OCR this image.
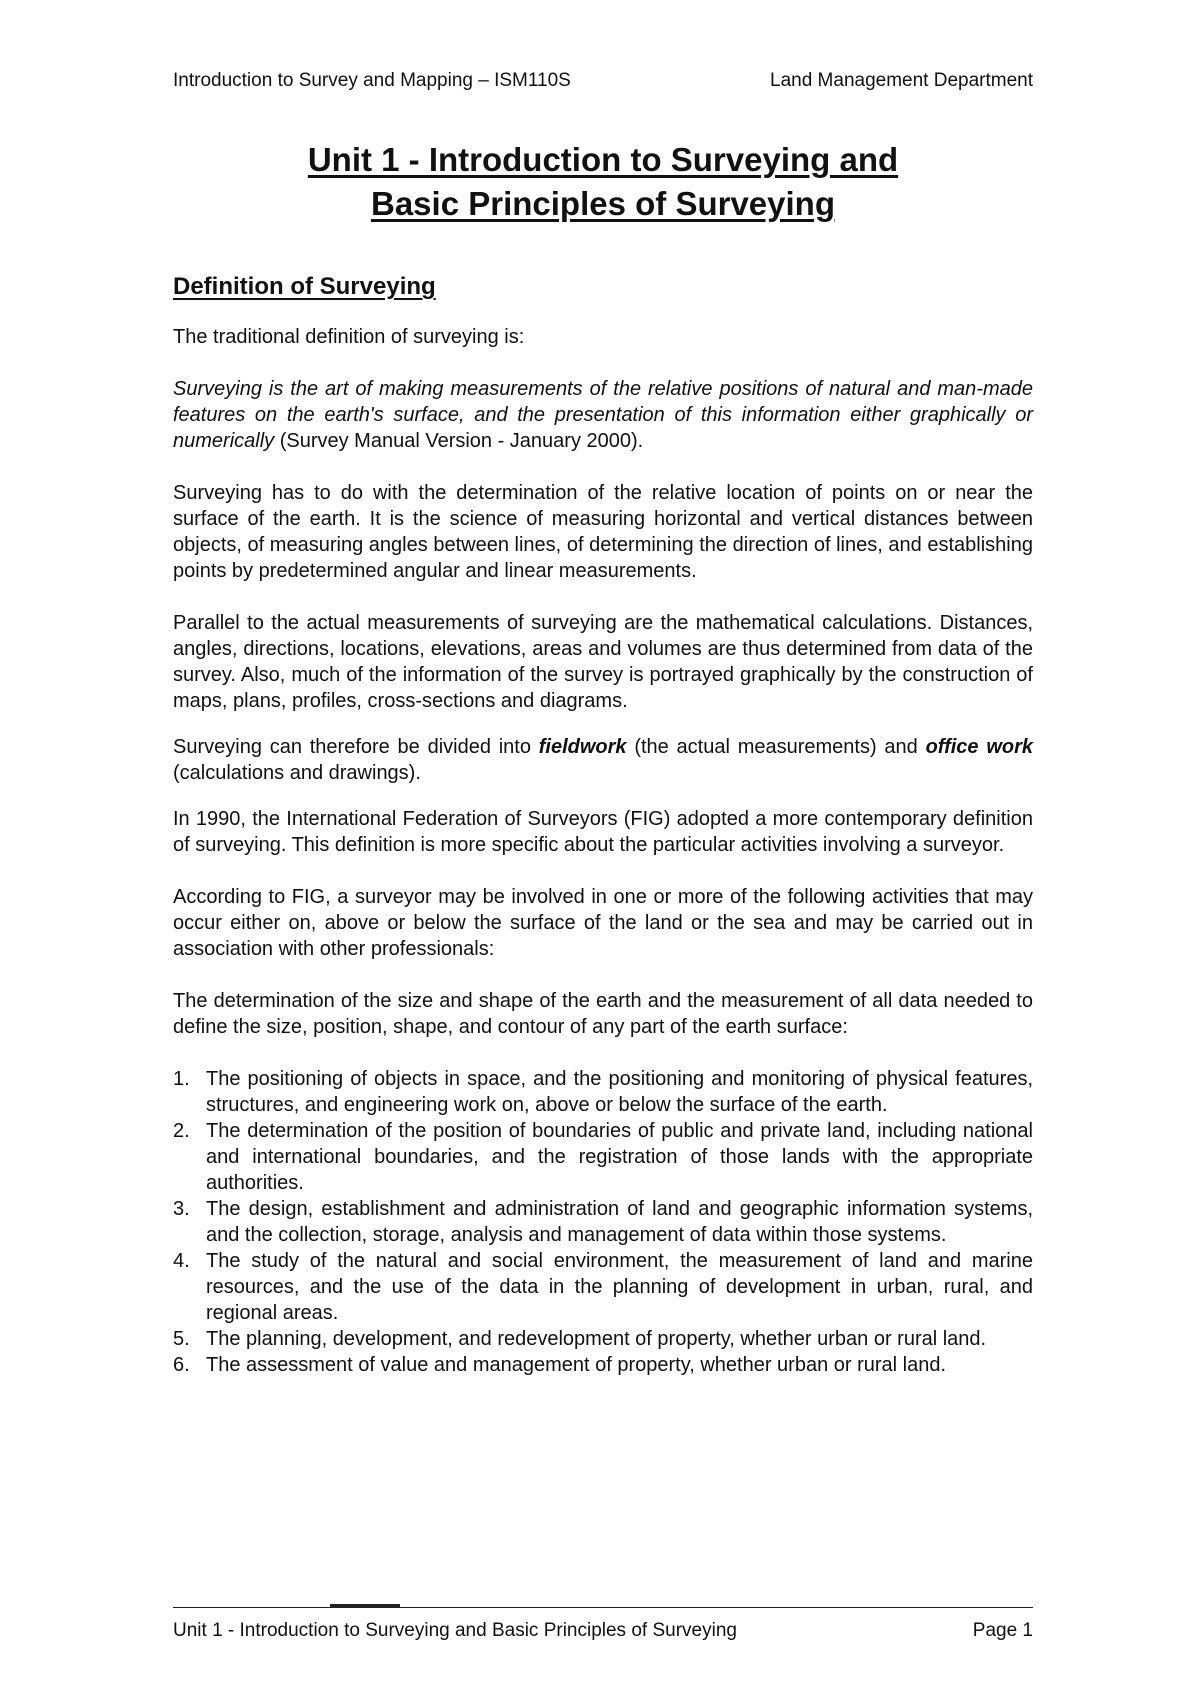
Introduction to Survey and Mapping – ISM110S	Land Management Department
Unit 1 - Introduction to Surveying and
Basic Principles of Surveying
Definition of Surveying

The traditional definition of surveying is:

Surveying is the art of making measurements of the relative positions of natural and man-made features on the earth's surface, and the presentation of this information either graphically or numerically (Survey Manual Version - January 2000).

Surveying has to do with the determination of the relative location of points on or near the surface of the earth. It is the science of measuring horizontal and vertical distances between objects, of measuring angles between lines, of determining the direction of lines, and establishing points by predetermined angular and linear measurements.

Parallel to the actual measurements of surveying are the mathematical calculations. Distances, angles, directions, locations, elevations, areas and volumes are thus determined from data of the survey. Also, much of the information of the survey is portrayed graphically by the construction of maps, plans, profiles, cross-sections and diagrams.

Surveying can therefore be divided into fieldwork (the actual measurements) and office work (calculations and drawings).

In 1990, the International Federation of Surveyors (FIG) adopted a more contemporary definition of surveying. This definition is more specific about the particular activities involving a surveyor.

According to FIG, a surveyor may be involved in one or more of the following activities that may occur either on, above or below the surface of the land or the sea and may be carried out in association with other professionals:

The determination of the size and shape of the earth and the measurement of all data needed to define the size, position, shape, and contour of any part of the earth surface:

1. The positioning of objects in space, and the positioning and monitoring of physical features, structures, and engineering work on, above or below the surface of the earth.
2. The determination of the position of boundaries of public and private land, including national and international boundaries, and the registration of those lands with the appropriate authorities.
3. The design, establishment and administration of land and geographic information systems, and the collection, storage, analysis and management of data within those systems.
4. The study of the natural and social environment, the measurement of land and marine resources, and the use of the data in the planning of development in urban, rural, and regional areas.
5. The planning, development, and redevelopment of property, whether urban or rural land.
6. The assessment of value and management of property, whether urban or rural land.
Unit 1 - Introduction to Surveying and Basic Principles of Surveying	Page 1
